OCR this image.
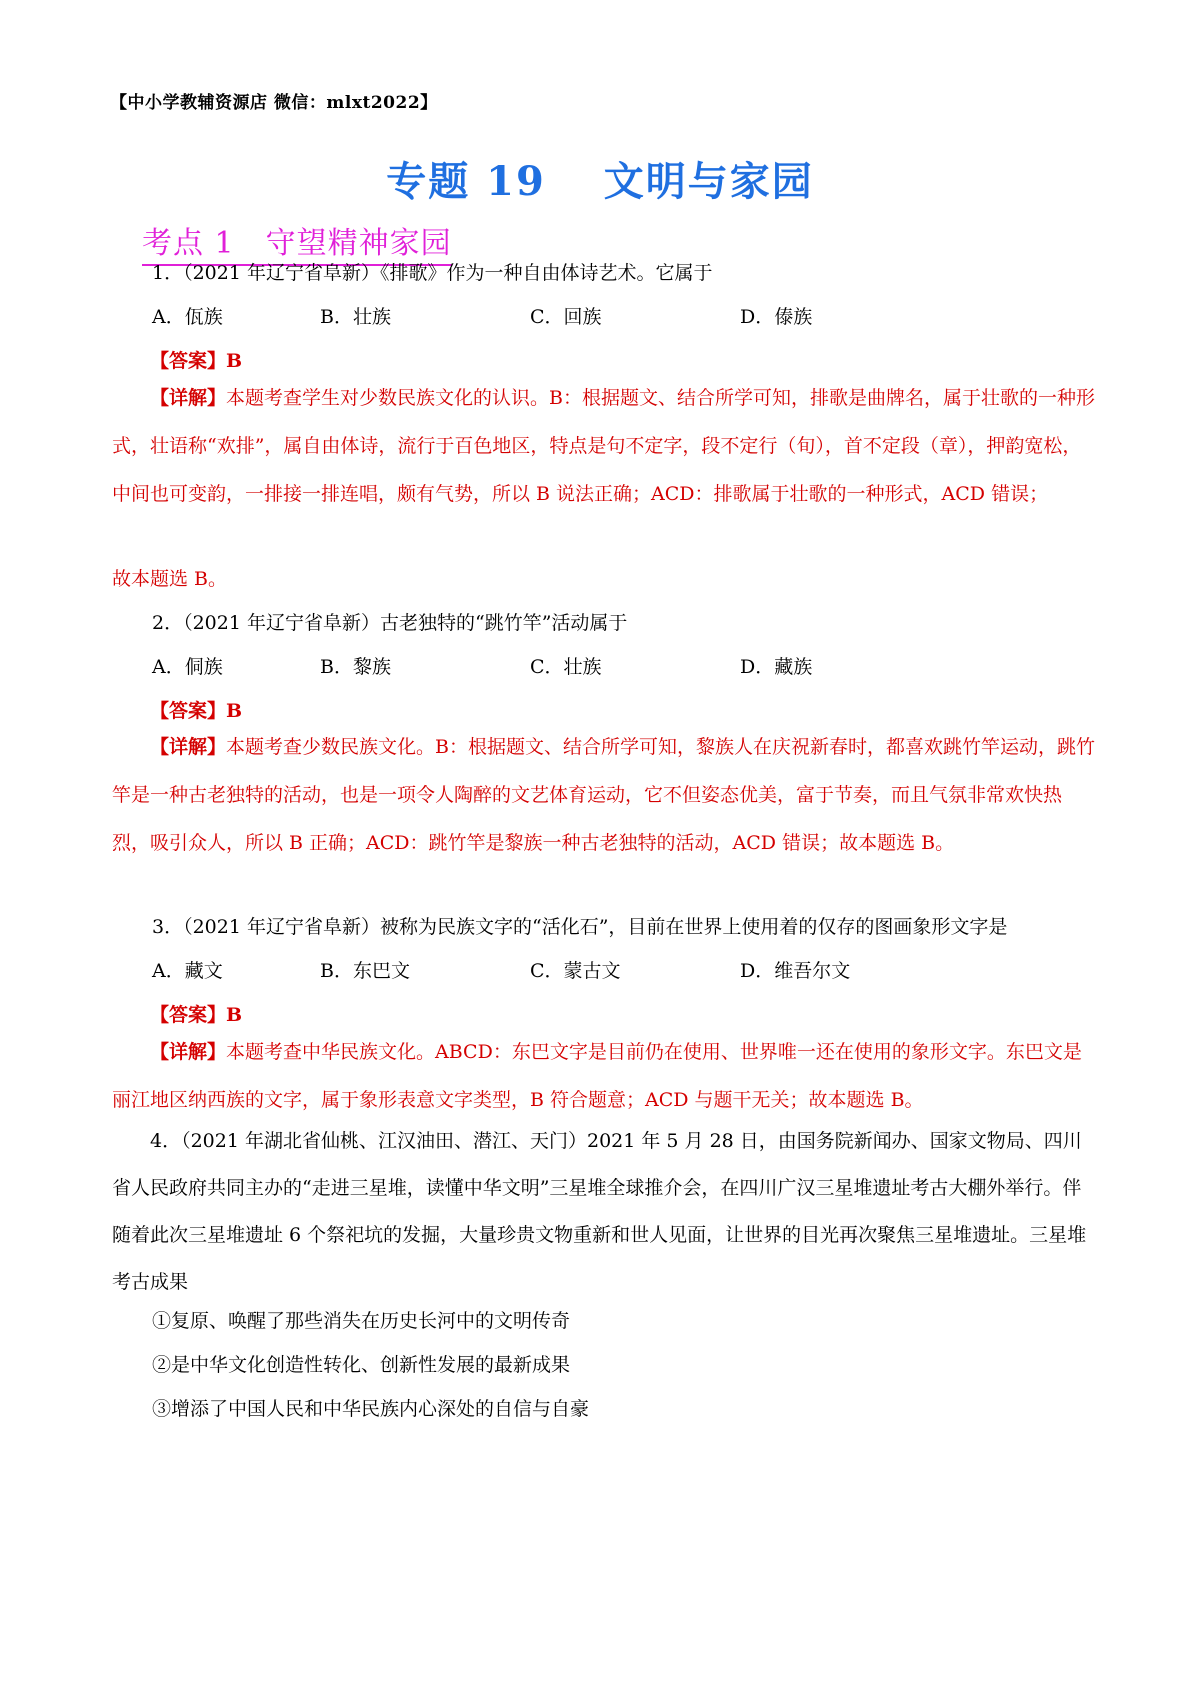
【中小学教辅资源店 微信：mlxt2022】
专题 19　 文明与家园
考点 1　守望精神家园
1．（2021 年辽宁省阜新）《排歌》作为一种自由体诗艺术。它属于
A．佤族	B．壮族	C．回族	D．傣族
【答案】B
【详解】本题考查学生对少数民族文化的认识。B：根据题文、结合所学可知，排歌是曲牌名，属于壮歌的一种形式，壮语称“欢排”，属自由体诗，流行于百色地区，特点是句不定字，段不定行（旬），首不定段（章），押韵宽松，中间也可变韵，一排接一排连唱，颇有气势，所以 B 说法正确；ACD：排歌属于壮歌的一种形式，ACD 错误；
故本题选 B。
2．（2021 年辽宁省阜新）古老独特的“跳竹竿”活动属于
A．侗族	B．黎族	C．壮族	D．藏族
【答案】B
【详解】本题考查少数民族文化。B：根据题文、结合所学可知，黎族人在庆祝新春时，都喜欢跳竹竿运动，跳竹竿是一种古老独特的活动，也是一项令人陶醉的文艺体育运动，它不但姿态优美，富于节奏，而且气氛非常欢快热烈，吸引众人，所以 B 正确；ACD：跳竹竿是黎族一种古老独特的活动，ACD 错误；故本题选 B。
3．（2021 年辽宁省阜新）被称为民族文字的“活化石”，目前在世界上使用着的仅存的图画象形文字是
A．藏文	B．东巴文	C．蒙古文	D．维吾尔文
【答案】B
【详解】本题考查中华民族文化。ABCD：东巴文字是目前仍在使用、世界唯一还在使用的象形文字。东巴文是丽江地区纳西族的文字，属于象形表意文字类型，B 符合题意；ACD 与题干无关；故本题选 B。
4．（2021 年湖北省仙桃、江汉油田、潜江、天门）2021 年 5 月 28 日，由国务院新闻办、国家文物局、四川省人民政府共同主办的“走进三星堆，读懂中华文明”三星堆全球推介会，在四川广汉三星堆遗址考古大棚外举行。伴随着此次三星堆遗址 6 个祭祀坑的发掘，大量珍贵文物重新和世人见面，让世界的目光再次聚焦三星堆遗址。三星堆考古成果
①复原、唤醒了那些消失在历史长河中的文明传奇
②是中华文化创造性转化、创新性发展的最新成果
③增添了中国人民和中华民族内心深处的自信与自豪
